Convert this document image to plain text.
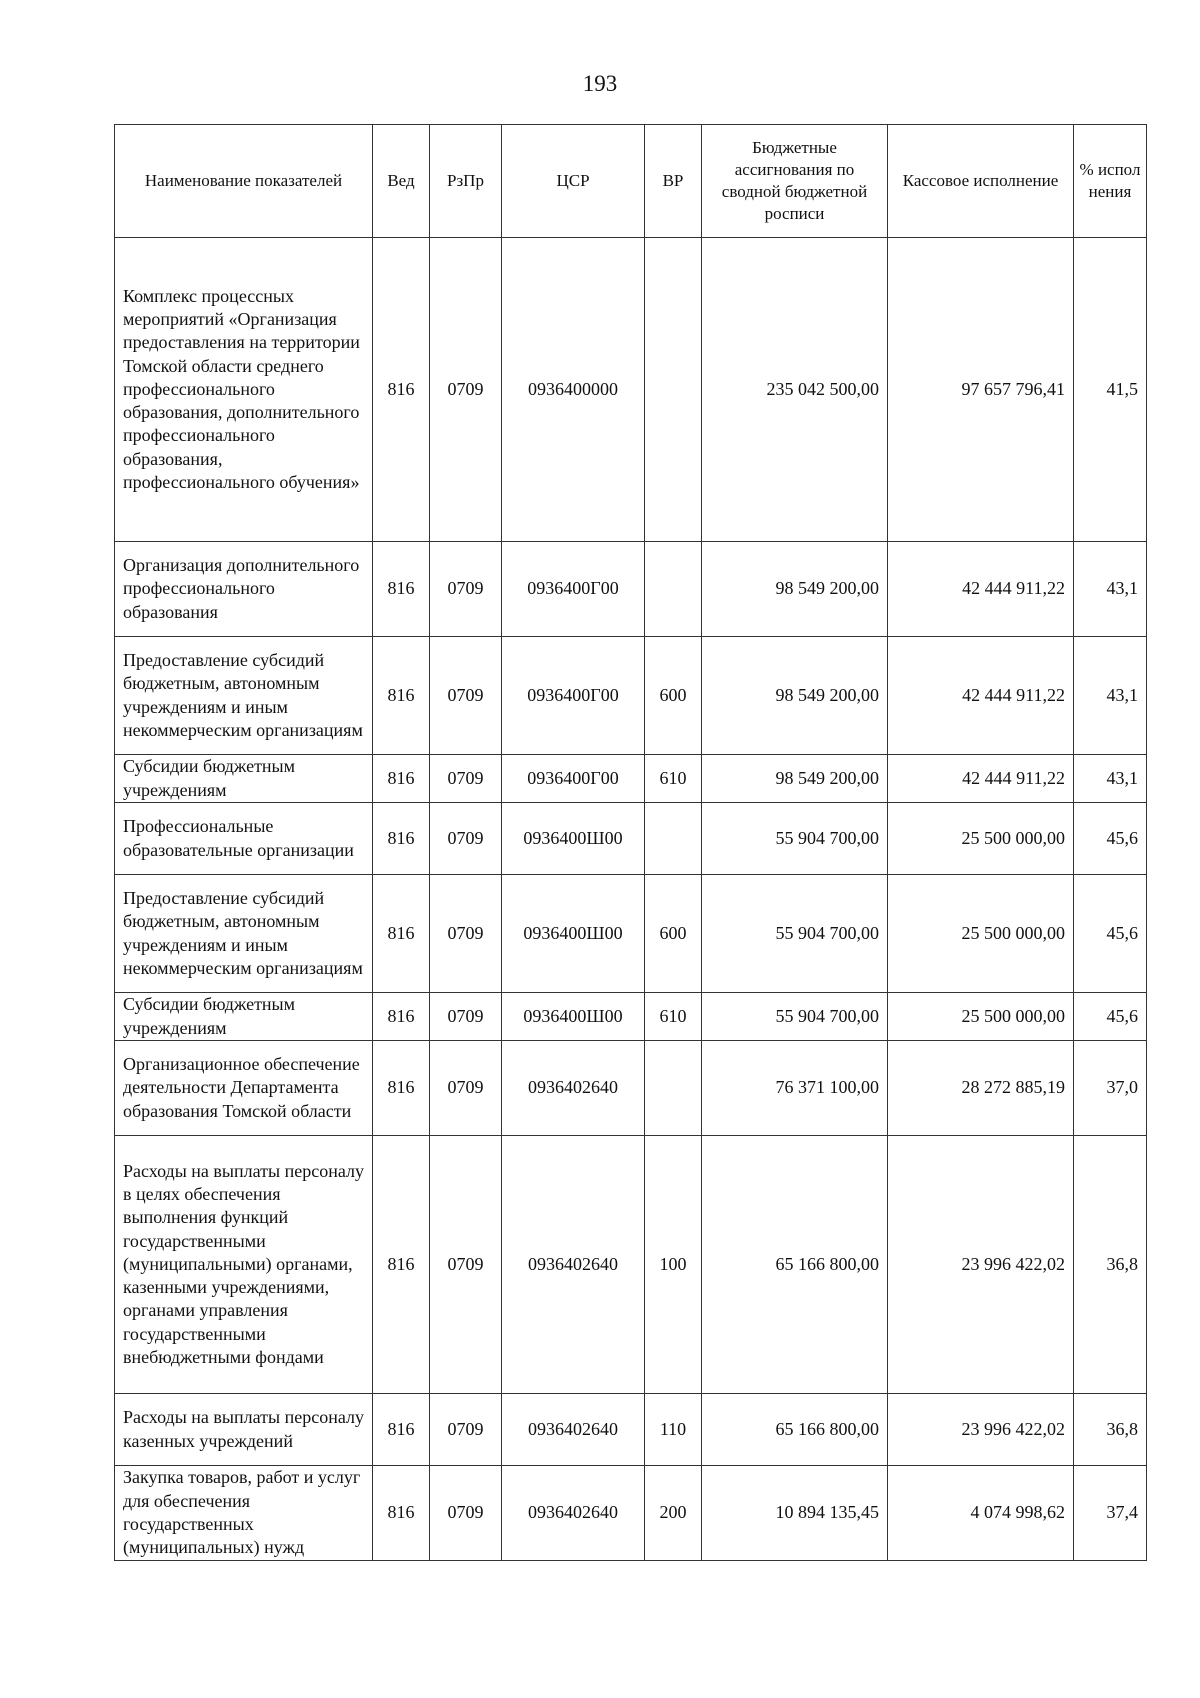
193
Наименование показателей	Вед	РзПр	ЦСР	ВР	Бюджетные ассигнования по сводной бюджетной росписи	Кассовое исполнение	% испол нения
Комплекс процессных мероприятий «Организация предоставления на территории Томской области среднего профессионального образования, дополнительного профессионального образования, профессионального обучения»	816	0709	0936400000		235 042 500,00	97 657 796,41	41,5
Организация дополнительного профессионального образования	816	0709	0936400Г00		98 549 200,00	42 444 911,22	43,1
Предоставление субсидий бюджетным, автономным учреждениям и иным некоммерческим организациям	816	0709	0936400Г00	600	98 549 200,00	42 444 911,22	43,1
Субсидии бюджетным учреждениям	816	0709	0936400Г00	610	98 549 200,00	42 444 911,22	43,1
Профессиональные образовательные организации	816	0709	0936400Ш00		55 904 700,00	25 500 000,00	45,6
Предоставление субсидий бюджетным, автономным учреждениям и иным некоммерческим организациям	816	0709	0936400Ш00	600	55 904 700,00	25 500 000,00	45,6
Субсидии бюджетным учреждениям	816	0709	0936400Ш00	610	55 904 700,00	25 500 000,00	45,6
Организационное обеспечение деятельности Департамента образования Томской области	816	0709	0936402640		76 371 100,00	28 272 885,19	37,0
Расходы на выплаты персоналу в целях обеспечения выполнения функций государственными (муниципальными) органами, казенными учреждениями, органами управления государственными внебюджетными фондами	816	0709	0936402640	100	65 166 800,00	23 996 422,02	36,8
Расходы на выплаты персоналу казенных учреждений	816	0709	0936402640	110	65 166 800,00	23 996 422,02	36,8
Закупка товаров, работ и услуг для обеспечения государственных (муниципальных) нужд	816	0709	0936402640	200	10 894 135,45	4 074 998,62	37,4
